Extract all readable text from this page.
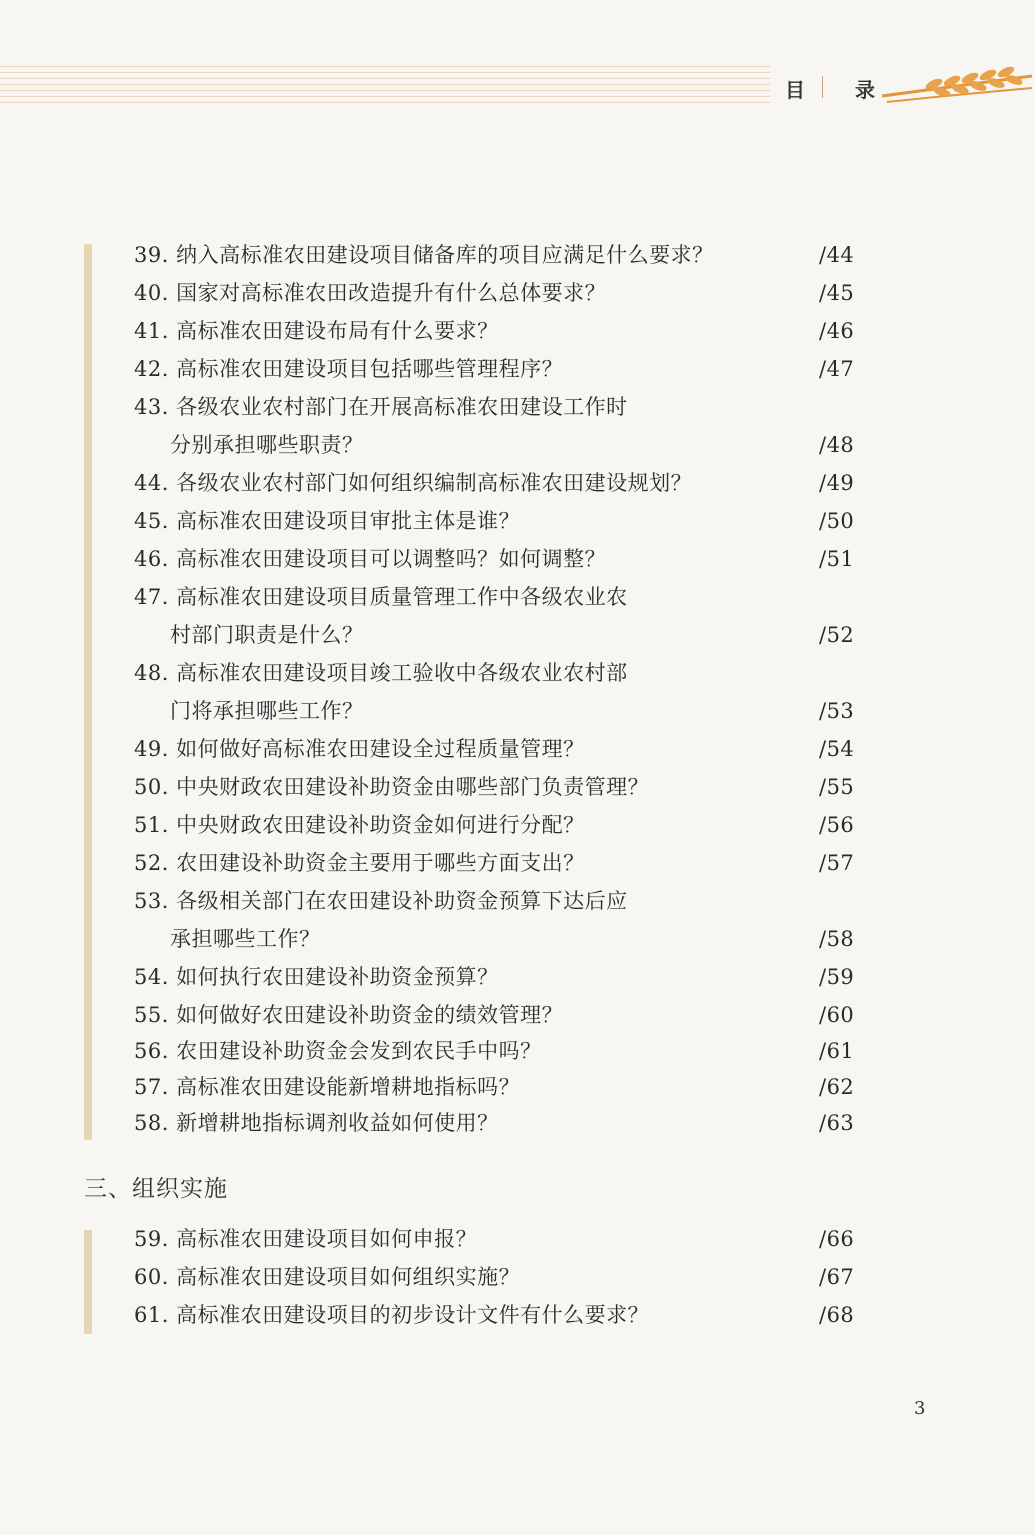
目	录
39. 纳入高标准农田建设项目储备库的项目应满足什么要求？	/44
40. 国家对高标准农田改造提升有什么总体要求？	/45
41. 高标准农田建设布局有什么要求？	/46
42. 高标准农田建设项目包括哪些管理程序？	/47
43. 各级农业农村部门在开展高标准农田建设工作时
分别承担哪些职责？	/48
44. 各级农业农村部门如何组织编制高标准农田建设规划？	/49
45. 高标准农田建设项目审批主体是谁？	/50
46. 高标准农田建设项目可以调整吗？如何调整？	/51
47. 高标准农田建设项目质量管理工作中各级农业农
村部门职责是什么？	/52
48. 高标准农田建设项目竣工验收中各级农业农村部
门将承担哪些工作？	/53
49. 如何做好高标准农田建设全过程质量管理？	/54
50. 中央财政农田建设补助资金由哪些部门负责管理？	/55
51. 中央财政农田建设补助资金如何进行分配？	/56
52. 农田建设补助资金主要用于哪些方面支出？	/57
53. 各级相关部门在农田建设补助资金预算下达后应
承担哪些工作？	/58
54. 如何执行农田建设补助资金预算？	/59
55. 如何做好农田建设补助资金的绩效管理？	/60
56. 农田建设补助资金会发到农民手中吗？	/61
57. 高标准农田建设能新增耕地指标吗？	/62
58. 新增耕地指标调剂收益如何使用？	/63
三、组织实施
59. 高标准农田建设项目如何申报？	/66
60. 高标准农田建设项目如何组织实施？	/67
61. 高标准农田建设项目的初步设计文件有什么要求？	/68
3
